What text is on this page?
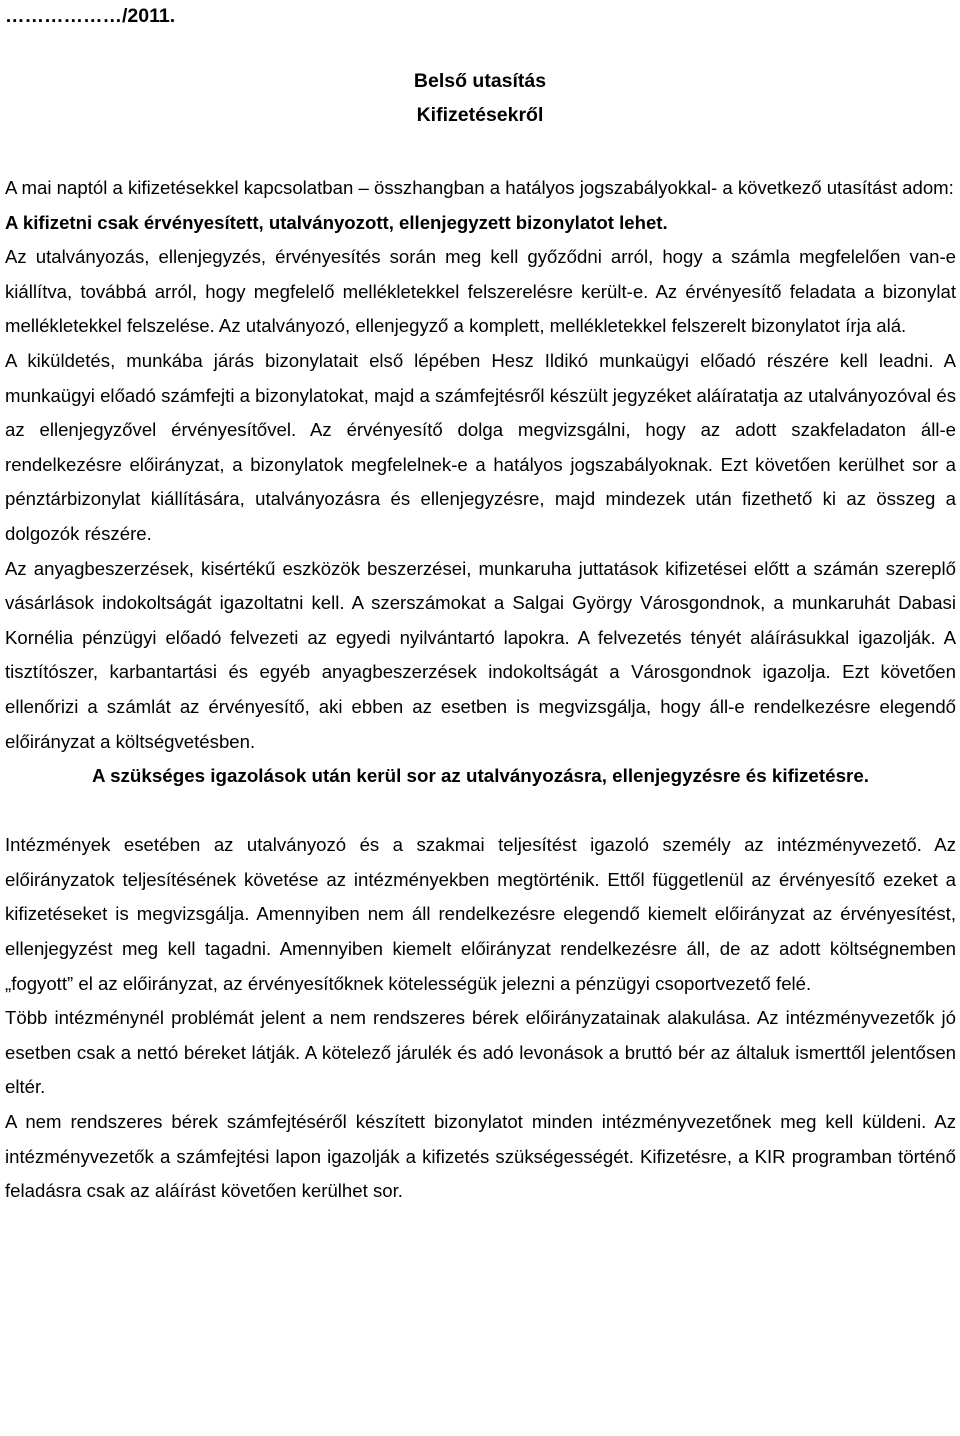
………………/2011.
Belső utasítás
Kifizetésekről

A mai naptól a kifizetésekkel kapcsolatban – összhangban a hatályos jogszabályokkal- a következő utasítást adom:

A kifizetni csak érvényesített, utalványozott, ellenjegyzett bizonylatot lehet.

Az utalványozás, ellenjegyzés, érvényesítés során meg kell győződni arról, hogy a számla megfelelően van-e kiállítva, továbbá arról, hogy megfelelő mellékletekkel felszerelésre került-e. Az érvényesítő feladata a bizonylat mellékletekkel felszelése. Az utalványozó, ellenjegyző a komplett, mellékletekkel felszerelt bizonylatot írja alá.

A kiküldetés, munkába járás bizonylatait első lépében Hesz Ildikó munkaügyi előadó részére kell leadni. A munkaügyi előadó számfejti a bizonylatokat, majd a számfejtésről készült jegyzéket aláíratatja az utalványozóval és az ellenjegyzővel érvényesítővel. Az érvényesítő dolga megvizsgálni, hogy az adott szakfeladaton áll-e rendelkezésre előirányzat, a bizonylatok megfelelnek-e a hatályos jogszabályoknak. Ezt követően kerülhet sor a pénztárbizonylat kiállítására, utalványozásra és ellenjegyzésre, majd mindezek után fizethető ki az összeg a dolgozók részére.

Az anyagbeszerzések, kisértékű eszközök beszerzései, munkaruha juttatások kifizetései előtt a számán szereplő vásárlások indokoltságát igazoltatni kell. A szerszámokat a Salgai György Városgondnok, a munkaruhát Dabasi Kornélia pénzügyi előadó felvezeti az egyedi nyilvántartó lapokra. A felvezetés tényét aláírásukkal igazolják. A tisztítószer, karbantartási és egyéb anyagbeszerzések indokoltságát a Városgondnok igazolja. Ezt követően ellenőrizi a számlát az érvényesítő, aki ebben az esetben is megvizsgálja, hogy áll-e rendelkezésre elegendő előirányzat a költségvetésben.

A szükséges igazolások után kerül sor az utalványozásra, ellenjegyzésre és kifizetésre.

Intézmények esetében az utalványozó és a szakmai teljesítést igazoló személy az intézményvezető. Az előirányzatok teljesítésének követése az intézményekben megtörténik. Ettől függetlenül az érvényesítő ezeket a kifizetéseket is megvizsgálja. Amennyiben nem áll rendelkezésre elegendő kiemelt előirányzat az érvényesítést, ellenjegyzést meg kell tagadni. Amennyiben kiemelt előirányzat rendelkezésre áll, de az adott költségnemben „fogyott” el az előirányzat, az érvényesítőknek kötelességük jelezni a pénzügyi csoportvezető felé.

Több intézménynél problémát jelent a nem rendszeres bérek előirányzatainak alakulása. Az intézményvezetők jó esetben csak a nettó béreket látják. A kötelező járulék és adó levonások a bruttó bér az általuk ismerttől jelentősen eltér.

A nem rendszeres bérek számfejtéséről készített bizonylatot minden intézményvezetőnek meg kell küldeni. Az intézményvezetők a számfejtési lapon igazolják a kifizetés szükségességét. Kifizetésre, a KIR programban történő feladásra csak az aláírást követően kerülhet sor.
